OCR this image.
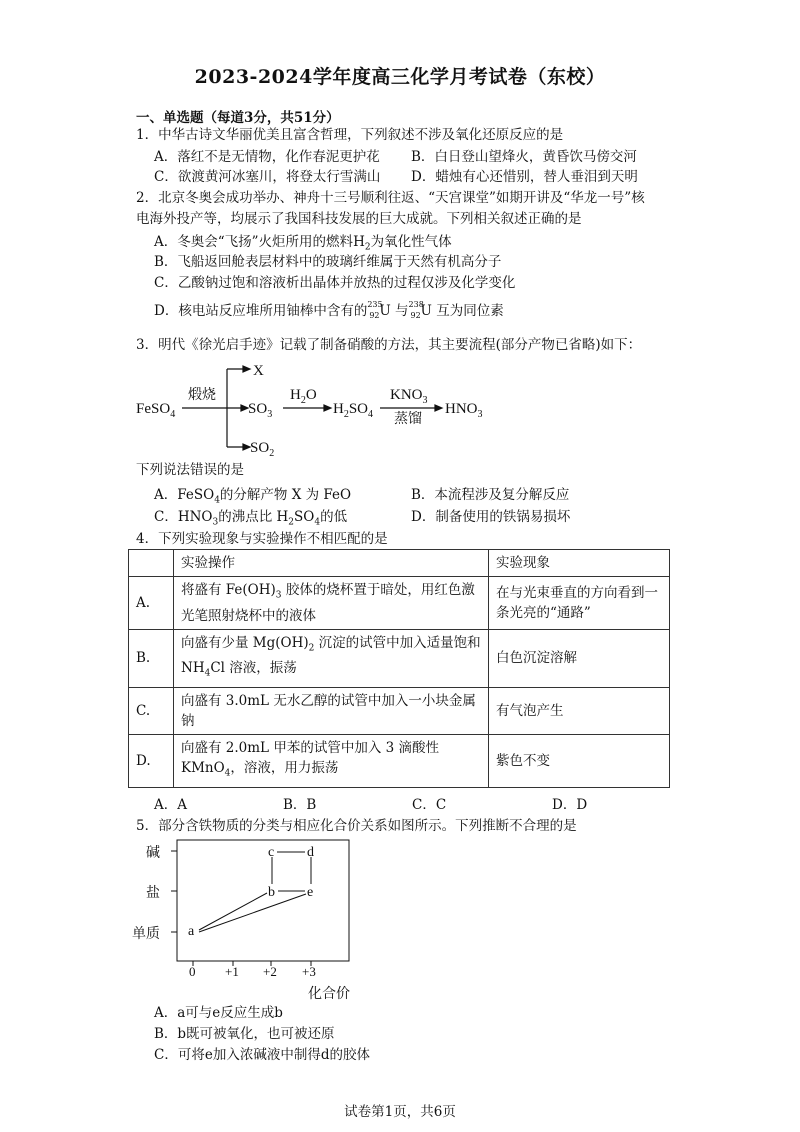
2023-2024学年度高三化学月考试卷（东校）
一、单选题（每道3分，共51分）
1．中华古诗文华丽优美且富含哲理，下列叙述不涉及氧化还原反应的是
A．落红不是无情物，化作春泥更护花 B．白日登山望烽火，黄昏饮马傍交河
C．欲渡黄河冰塞川，将登太行雪满山 D．蜡烛有心还惜别，替人垂泪到天明
2．北京冬奥会成功举办、神舟十三号顺利往返、“天宫课堂”如期开讲及“华龙一号”核
电海外投产等，均展示了我国科技发展的巨大成就。下列相关叙述正确的是
A．冬奥会“飞扬”火炬所用的燃料$H_2$为氧化性气体
B．飞船返回舱表层材料中的玻璃纤维属于天然有机高分子
C．乙酸钠过饱和溶液析出晶体并放热的过程仅涉及化学变化
D．核电站反应堆所用铀棒中含有的 235
92 U 与 238
92 U 互为同位素
3．明代《徐光启手迹》记载了制备硝酸的方法，其主要流程(部分产物已省略)如下：
FeSO$_4$
煅烧
X
$SO_3$
$SO_2$
$H_2O$
$H_2SO_4$
$KNO_3$
蒸馏
$HNO_3$
下列说法错误的是
A．FeSO$_4$的分解产物 X 为 FeO	B．本流程涉及复分解反应
C．$HNO_3$的沸点比 $H_2SO_4$的低	D．制备使用的铁锅易损坏
4．下列实验现象与实验操作不相匹配的是
	实验操作	实验现象
A.	将盛有 $Fe(OH)_3$ 胶体的烧杯置于暗处，用红色激
光笔照射烧杯中的液体	在与光束垂直的方向看到一
条光亮的“通路”
B.	向盛有少量 $Mg(OH)_2$ 沉淀的试管中加入适量饱和
$NH_4Cl$ 溶液，振荡	白色沉淀溶解
C.	向盛有 3.0mL 无水乙醇的试管中加入一小块金属
钠	有气泡产生
D.	向盛有 2.0mL 甲苯的试管中加入 3 滴酸性
KMnO$_4$，溶液，用力振荡	紫色不变
A．A	B．B	C．C	D．D
5．部分含铁物质的分类与相应化合价关系如图所示。下列推断不合理的是
碱
盐
单质
0 +1 +2 +3
化合价
a
b
c d
e
A．a可与e反应生成b
B．b既可被氧化，也可被还原
C．可将e加入浓碱液中制得d的胶体
试卷第1页，共6页
